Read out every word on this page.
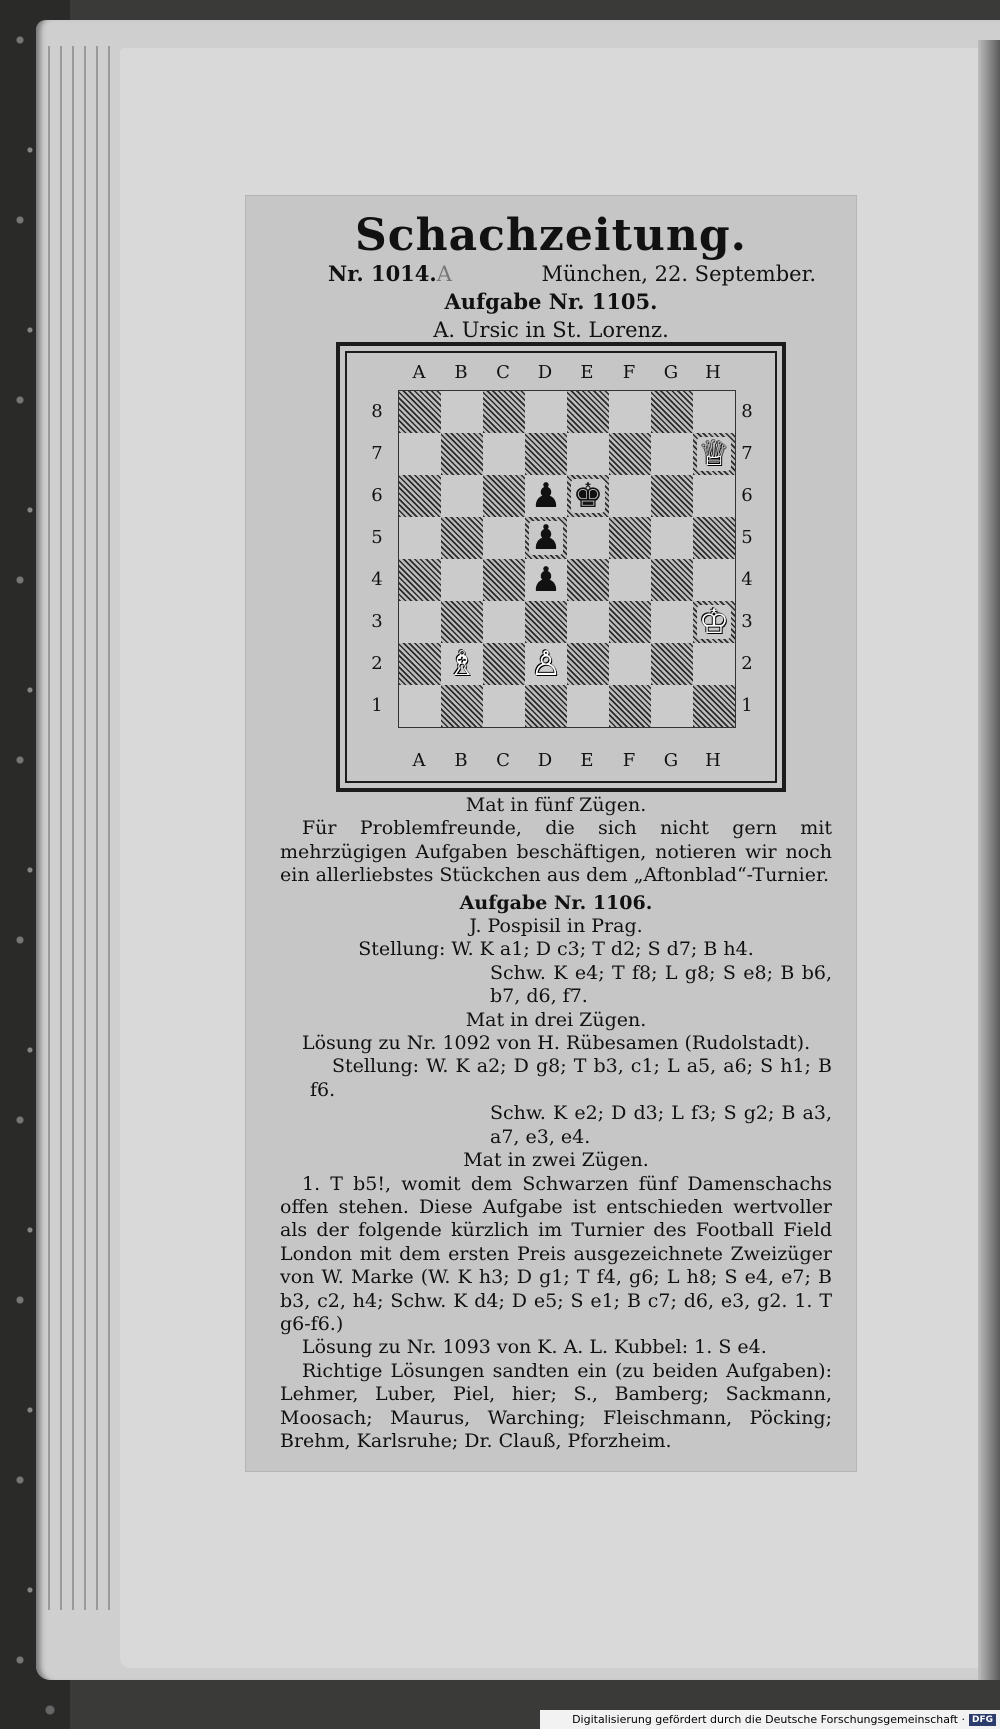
Schachzeitung.
Nr. 1014.A	München, 22. September.
Aufgabe Nr. 1105.
A. Ursic in St. Lorenz.
A	B	C	D	E	F	G	H
8
7
6
5
4
3
2
1
♕
♟ ♚
♟
♟
♔
♗ ♙
8
7
6
5
4
3
2
1
A	B	C	D	E	F	G	H

Mat in fünf Zügen.

Für Problemfreunde, die sich nicht gern mit mehrzügigen Aufgaben beschäftigen, notieren wir noch ein allerliebstes Stückchen aus dem „Aftonblad“-Turnier.

Aufgabe Nr. 1106.

J. Pospisil in Prag.

Stellung: W. K a1; D c3; T d2; S d7; B h4.

Schw. K e4; T f8; L g8; S e8; B b6, b7, d6, f7.

Mat in drei Zügen.

Lösung zu Nr. 1092 von H. Rübesamen (Rudolstadt).

Stellung: W. K a2; D g8; T b3, c1; L a5, a6; S h1; B f6.

Schw. K e2; D d3; L f3; S g2; B a3, a7, e3, e4.

Mat in zwei Zügen.

1. T b5!, womit dem Schwarzen fünf Damenschachs offen stehen. Diese Aufgabe ist entschieden wertvoller als der folgende kürzlich im Turnier des Football Field London mit dem ersten Preis ausgezeichnete Zweizüger von W. Marke (W. K h3; D g1; T f4, g6; L h8; S e4, e7; B b3, c2, h4; Schw. K d4; D e5; S e1; B c7; d6, e3, g2. 1. T g6-f6.)

Lösung zu Nr. 1093 von K. A. L. Kubbel: 1. S e4.

Richtige Lösungen sandten ein (zu beiden Aufgaben): Lehmer, Luber, Piel, hier; S., Bamberg; Sackmann, Moosach; Maurus, Warching; Fleischmann, Pöcking; Brehm, Karlsruhe; Dr. Clauß, Pforzheim.

Digitalisierung gefördert durch die Deutsche Forschungsgemeinschaft · DFG
